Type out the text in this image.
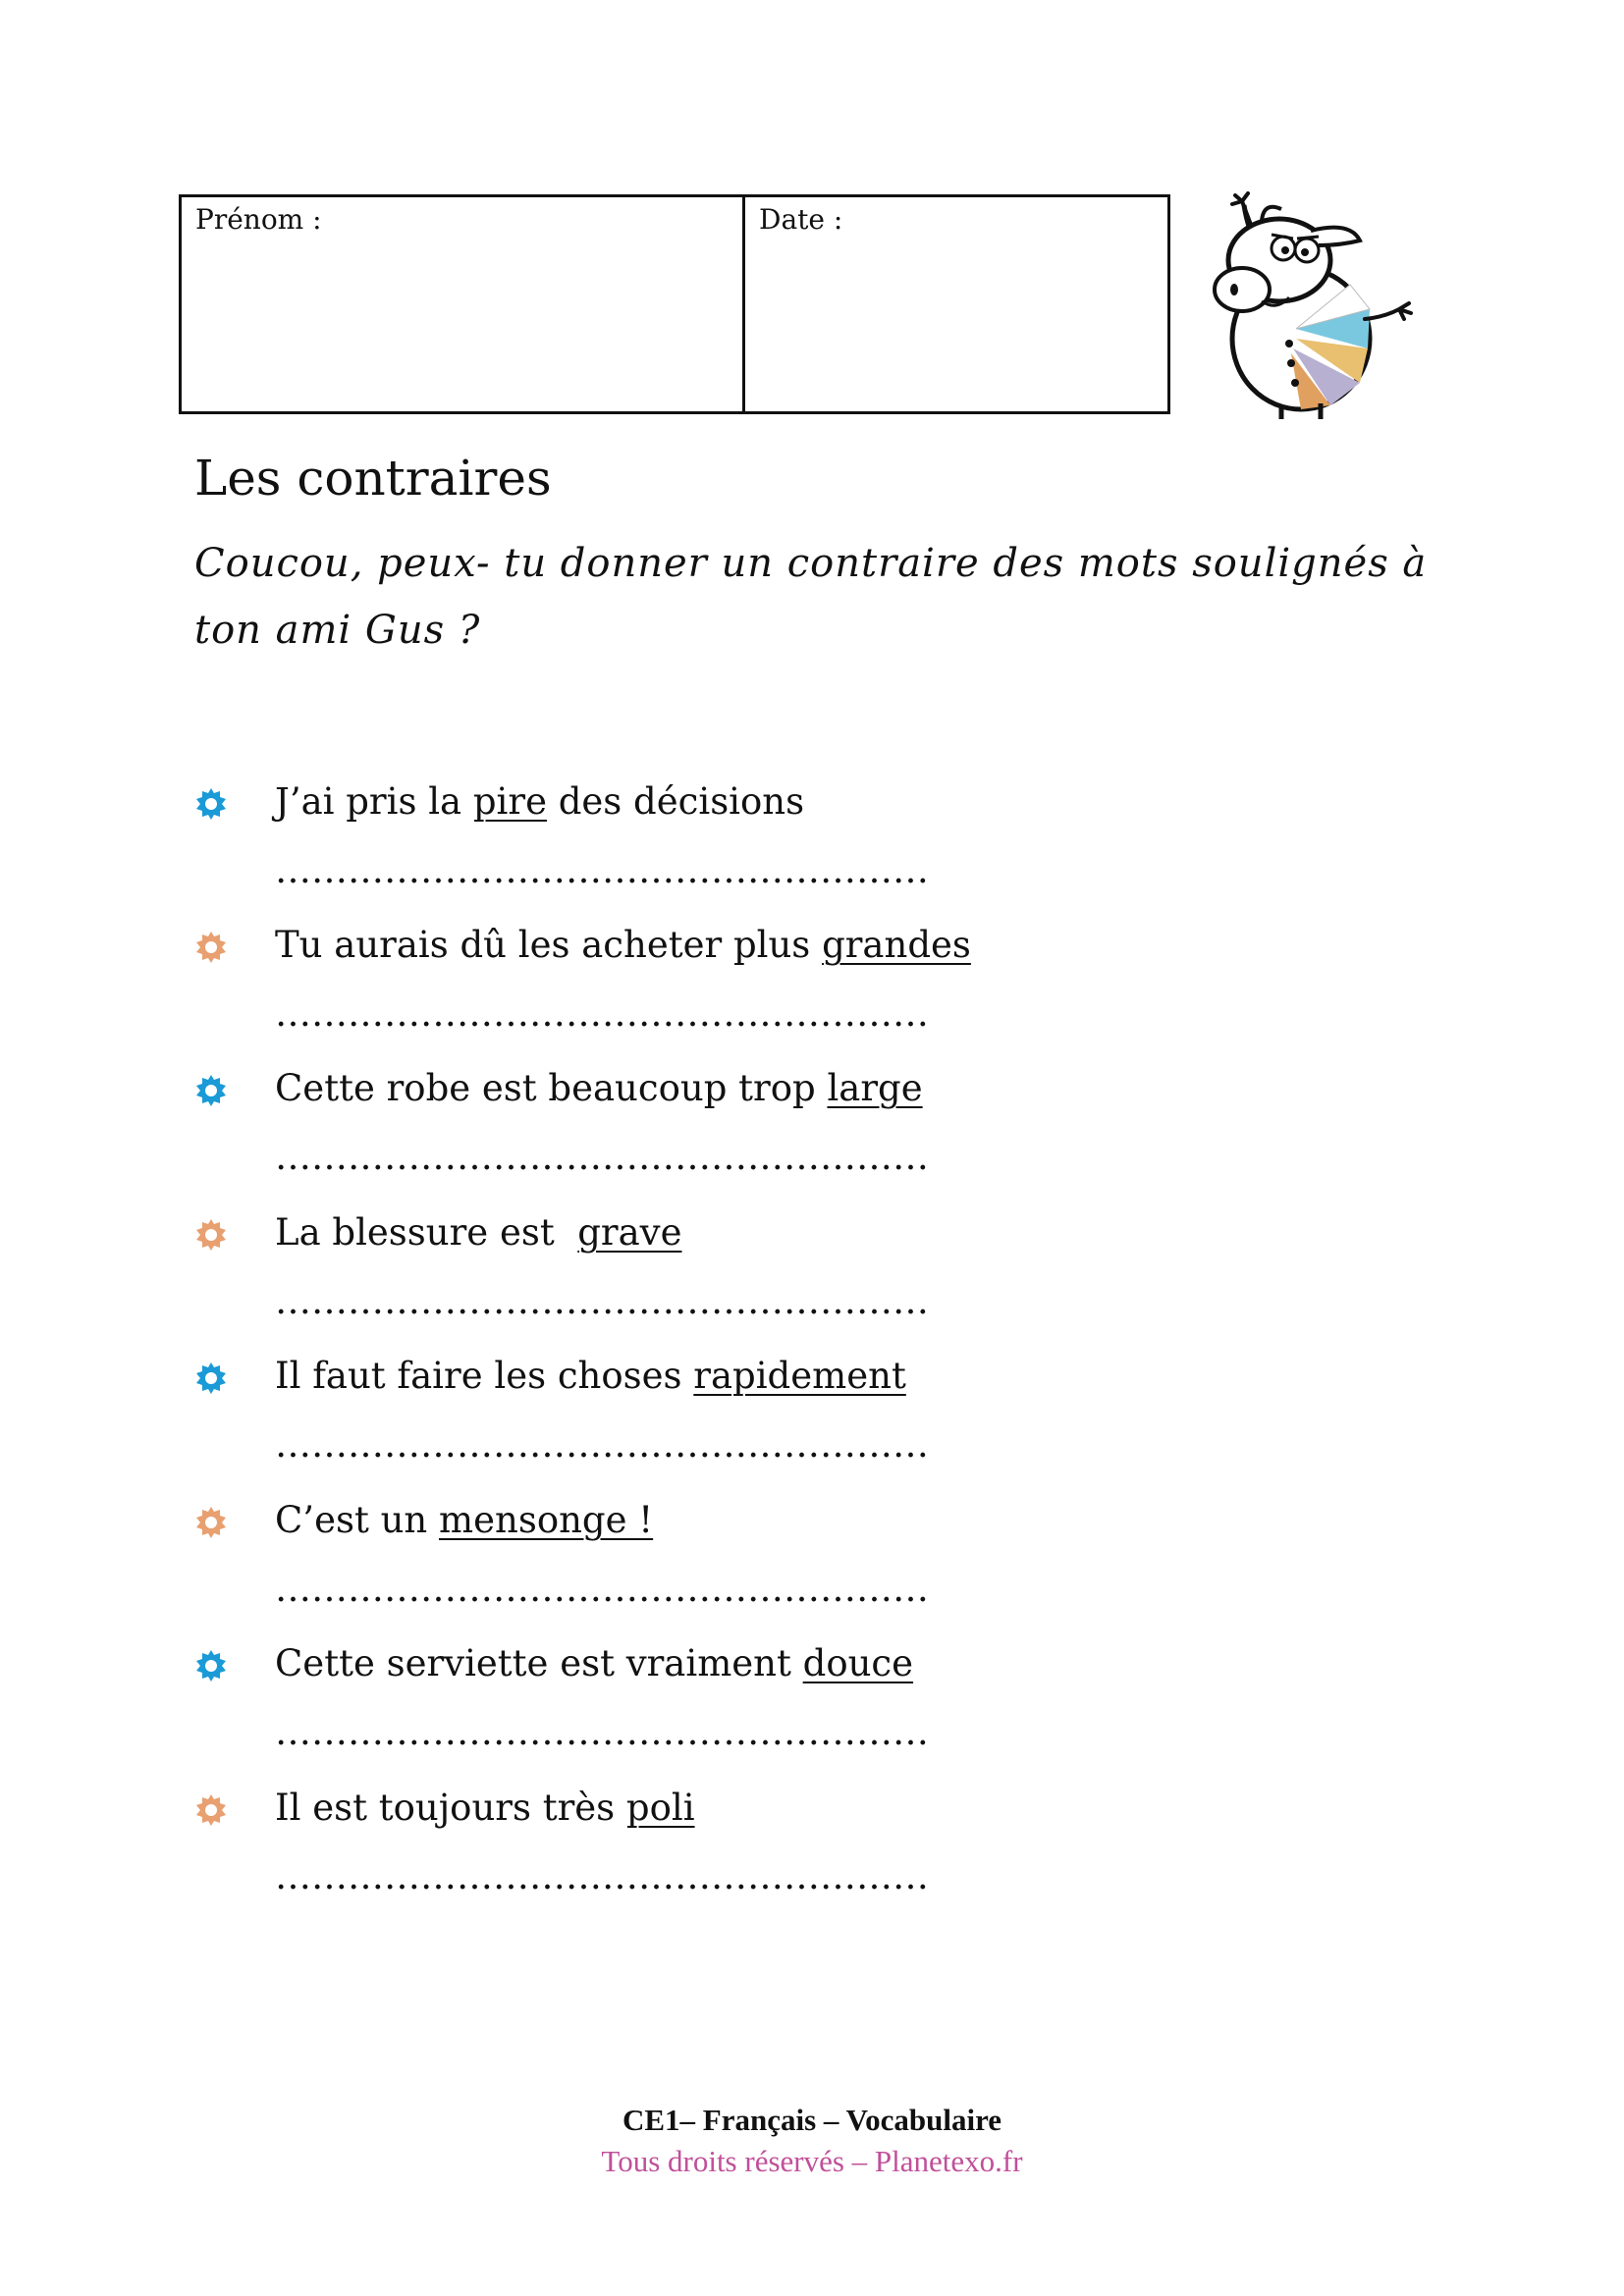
Prénom :	Date :
Les contraires
Coucou, peux- tu donner un contraire des mots soulignés à ton ami Gus ?
J’ai pris la pire des décisions
………………………………………………
Tu aurais dû les acheter plus grandes
………………………………………………
Cette robe est beaucoup trop large
………………………………………………
La blessure est  grave
………………………………………………
Il faut faire les choses rapidement
………………………………………………
C’est un mensonge !
………………………………………………
Cette serviette est vraiment douce
………………………………………………
Il est toujours très poli
………………………………………………
CE1– Français – Vocabulaire
Tous droits réservés – Planetexo.fr
